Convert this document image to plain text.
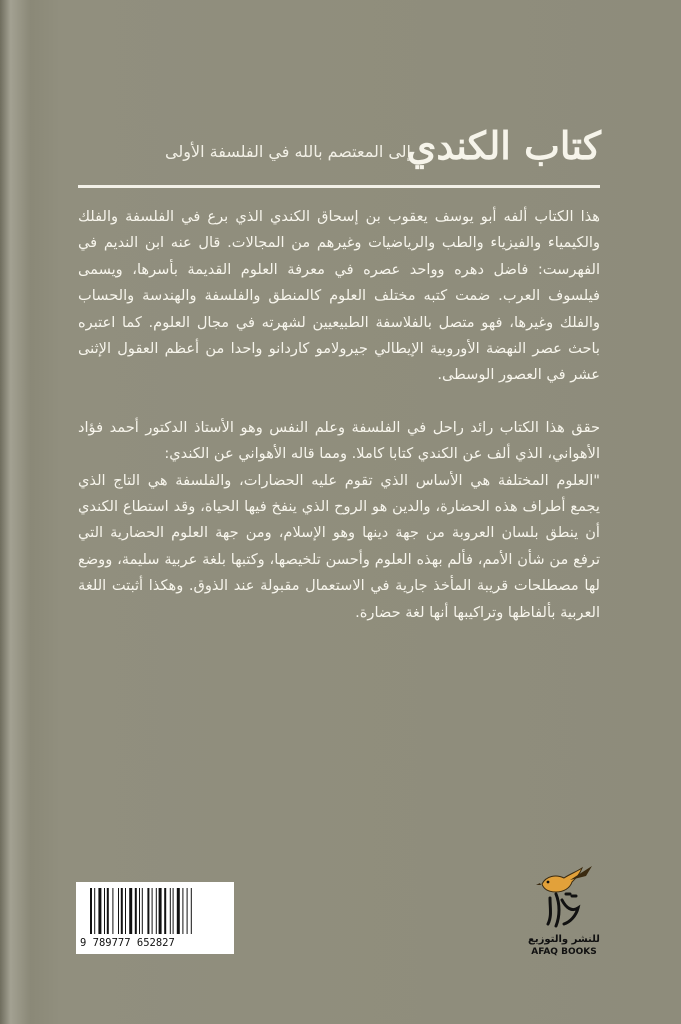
كتاب الكندي
إلى المعتصم بالله في الفلسفة الأولى

هذا الكتاب ألفه أبو يوسف يعقوب بن إسحاق الكندي الذي برع في الفلسفة والفلك والكيمياء والفيزياء والطب والرياضيات وغيرهم من المجالات. قال عنه ابن النديم في الفهرست: فاضل دهره وواحد عصره في معرفة العلوم القديمة بأسرها، ويسمى فيلسوف العرب. ضمت كتبه مختلف العلوم كالمنطق والفلسفة والهندسة والحساب والفلك وغيرها، فهو متصل بالفلاسفة الطبيعيين لشهرته في مجال العلوم. كما اعتبره باحث عصر النهضة الأوروبية الإيطالي جيرولامو كاردانو واحدا من أعظم العقول الإثنى عشر في العصور الوسطى.

حقق هذا الكتاب رائد راحل في الفلسفة وعلم النفس وهو الأستاذ الدكتور أحمد فؤاد الأهواني، الذي ألف عن الكندي كتابا كاملا. ومما قاله الأهواني عن الكندي:

"العلوم المختلفة هي الأساس الذي تقوم عليه الحضارات، والفلسفة هي التاج الذي يجمع أطراف هذه الحضارة، والدين هو الروح الذي ينفخ فيها الحياة، وقد استطاع الكندي أن ينطق بلسان العروبة من جهة دينها وهو الإسلام، ومن جهة العلوم الحضارية التي ترفع من شأن الأمم، فألم بهذه العلوم وأحسن تلخيصها، وكتبها بلغة عربية سليمة، ووضع لها مصطلحات قريبة المأخذ جارية في الاستعمال مقبولة عند الذوق. وهكذا أثبتت اللغة العربية بألفاظها وتراكيبها أنها لغة حضارة.

9 789777 652827	للنشر والتوزيع
AFAQ BOOKS
